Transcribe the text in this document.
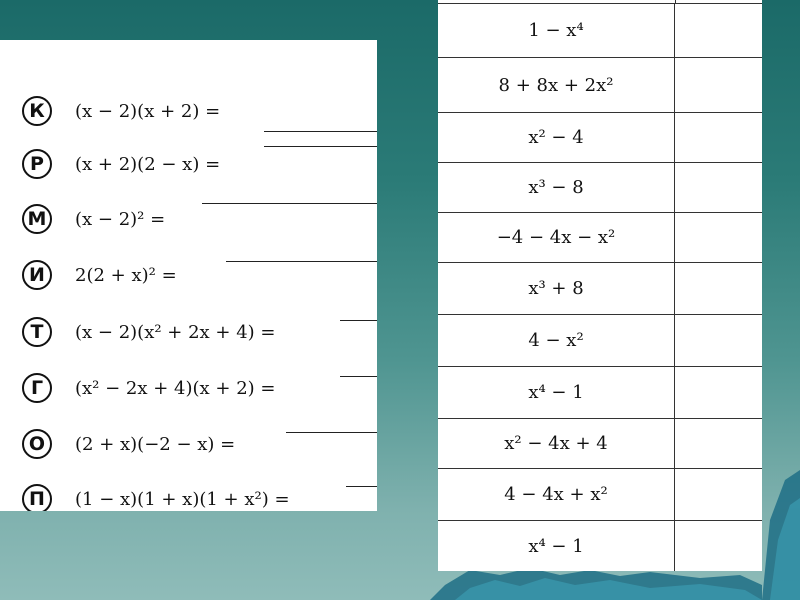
К	(x − 2)(x + 2) =
Р	(x + 2)(2 − x) =
М	(x − 2)² =
И	2(2 + x)² =
Т	(x − 2)(x² + 2x + 4) =
Г	(x² − 2x + 4)(x + 2) =
О	(2 + x)(−2 − x) =
П	(1 − x)(1 + x)(1 + x²) =
1 − x⁴
8 + 8x + 2x²
x² − 4
x³ − 8
−4 − 4x − x²
x³ + 8
4 − x²
x⁴ − 1
x² − 4x + 4
4 − 4x + x²
x⁴ − 1
